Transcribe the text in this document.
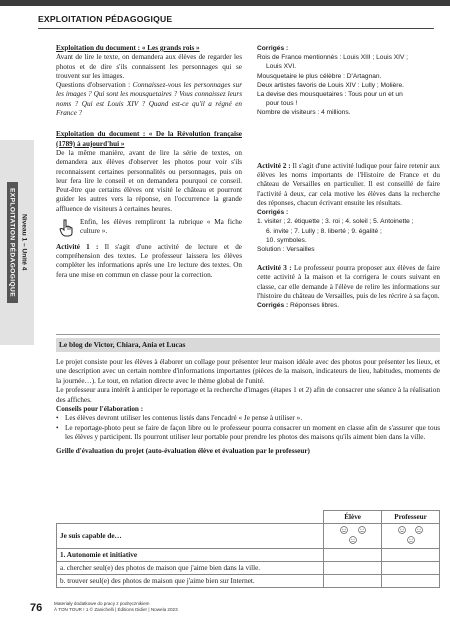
EXPLOITATION PÉDAGOGIQUE
Niveau 1 – Unité 4
EXPLOITATION PÉDAGOGIQUE
Exploitation du document : « Les grands rois »
Avant de lire le texte, on demandera aux élèves de regarder les photos et de dire s'ils connaissent les personnages qui se trouvent sur les images.
Questions d'observation : Connaissez-vous les personnages sur les images ? Qui sont les mousquetaires ? Vous connaissez leurs noms ? Qui est Louis XIV ? Quand est-ce qu'il a régné en France ?
Exploitation du document : « De la Révolution française (1789) à aujourd'hui »
De la même manière, avant de lire la série de textes, on demandera aux élèves d'observer les photos pour voir s'ils reconnaissent certaines personnalités ou personnages, puis on leur fera lire le conseil et on demandera pourquoi ce conseil. Peut-être que certains élèves ont visité le château et pourront guider les autres vers la réponse, en l'occurrence la grande affluence de visiteurs à certaines heures.
Enfin, les élèves rempliront la rubrique « Ma fiche culture ».
Activité 1 : Il s'agit d'une activité de lecture et de compréhension des textes. Le professeur laissera les élèves compléter les informations après une 1re lecture des textes. On fera une mise en commun en classe pour la correction.
Corrigés :
Rois de France mentionnés : Louis XIII ; Louis XIV ;
Louis XVI.
Mousquetaire le plus célèbre : D'Artagnan.
Deux artistes favoris de Louis XIV : Lully ; Molière.
La devise des mousquetaires : Tous pour un et un
pour tous !
Nombre de visiteurs : 4 millions.
Activité 2 : Il s'agit d'une activité ludique pour faire retenir aux élèves les noms importants de l'Histoire de France et du château de Versailles en particulier. Il est conseillé de faire l'activité à deux, car cela motive les élèves dans la recherche des réponses, chacun écrivant ensuite les résultats.
Corrigés :
1. visiter ; 2. étiquette ; 3. roi ; 4. soleil ; 5. Antoinette ;
6. invite ; 7. Lully ; 8. liberté ; 9. égalité ;
10. symboles.
Solution : Versailles
Activité 3 : Le professeur pourra proposer aux élèves de faire cette activité à la maison et la corrigera le cours suivant en classe, car elle demande à l'élève de relire les informations sur l'histoire du château de Versailles, puis de les récrire à sa façon.
Corrigés : Réponses libres.
Le blog de Victor, Chiara, Ania et Lucas

Le projet consiste pour les élèves à élaborer un collage pour présenter leur maison idéale avec des photos pour présenter les lieux, et une description avec un certain nombre d'informations importantes (pièces de la maison, indicateurs de lieu, habitudes, moments de la journée…). Le tout, en relation directe avec le thème global de l'unité.

Le professeur aura intérêt à anticiper le reportage et la recherche d'images (étapes 1 et 2) afin de consacrer une séance à la réalisation des affiches.

Conseils pour l'élaboration :

• Les élèves devront utiliser les contenus listés dans l'encadré « Je pense à utiliser ».

• Le reportage-photo peut se faire de façon libre ou le professeur pourra consacrer un moment en classe afin de s'assurer que tous les élèves y participent. Ils pourront utiliser leur portable pour prendre les photos des maisons qu'ils aiment bien dans la ville.

Grille d'évaluation du projet (auto-évaluation élève et évaluation par le professeur)

	Élève	Professeur
Je suis capable de…		
1. Autonomie et initiative		
a. chercher seul(e) des photos de maison que j'aime bien dans la ville.		
b. trouver seul(e) des photos de maison que j'aime bien sur Internet.		
76	Materiały dodatkowe do pracy z podręcznikiem
À TON TOUR ! 1 © Zanichelli | Éditions Didier | Nowela 2023
